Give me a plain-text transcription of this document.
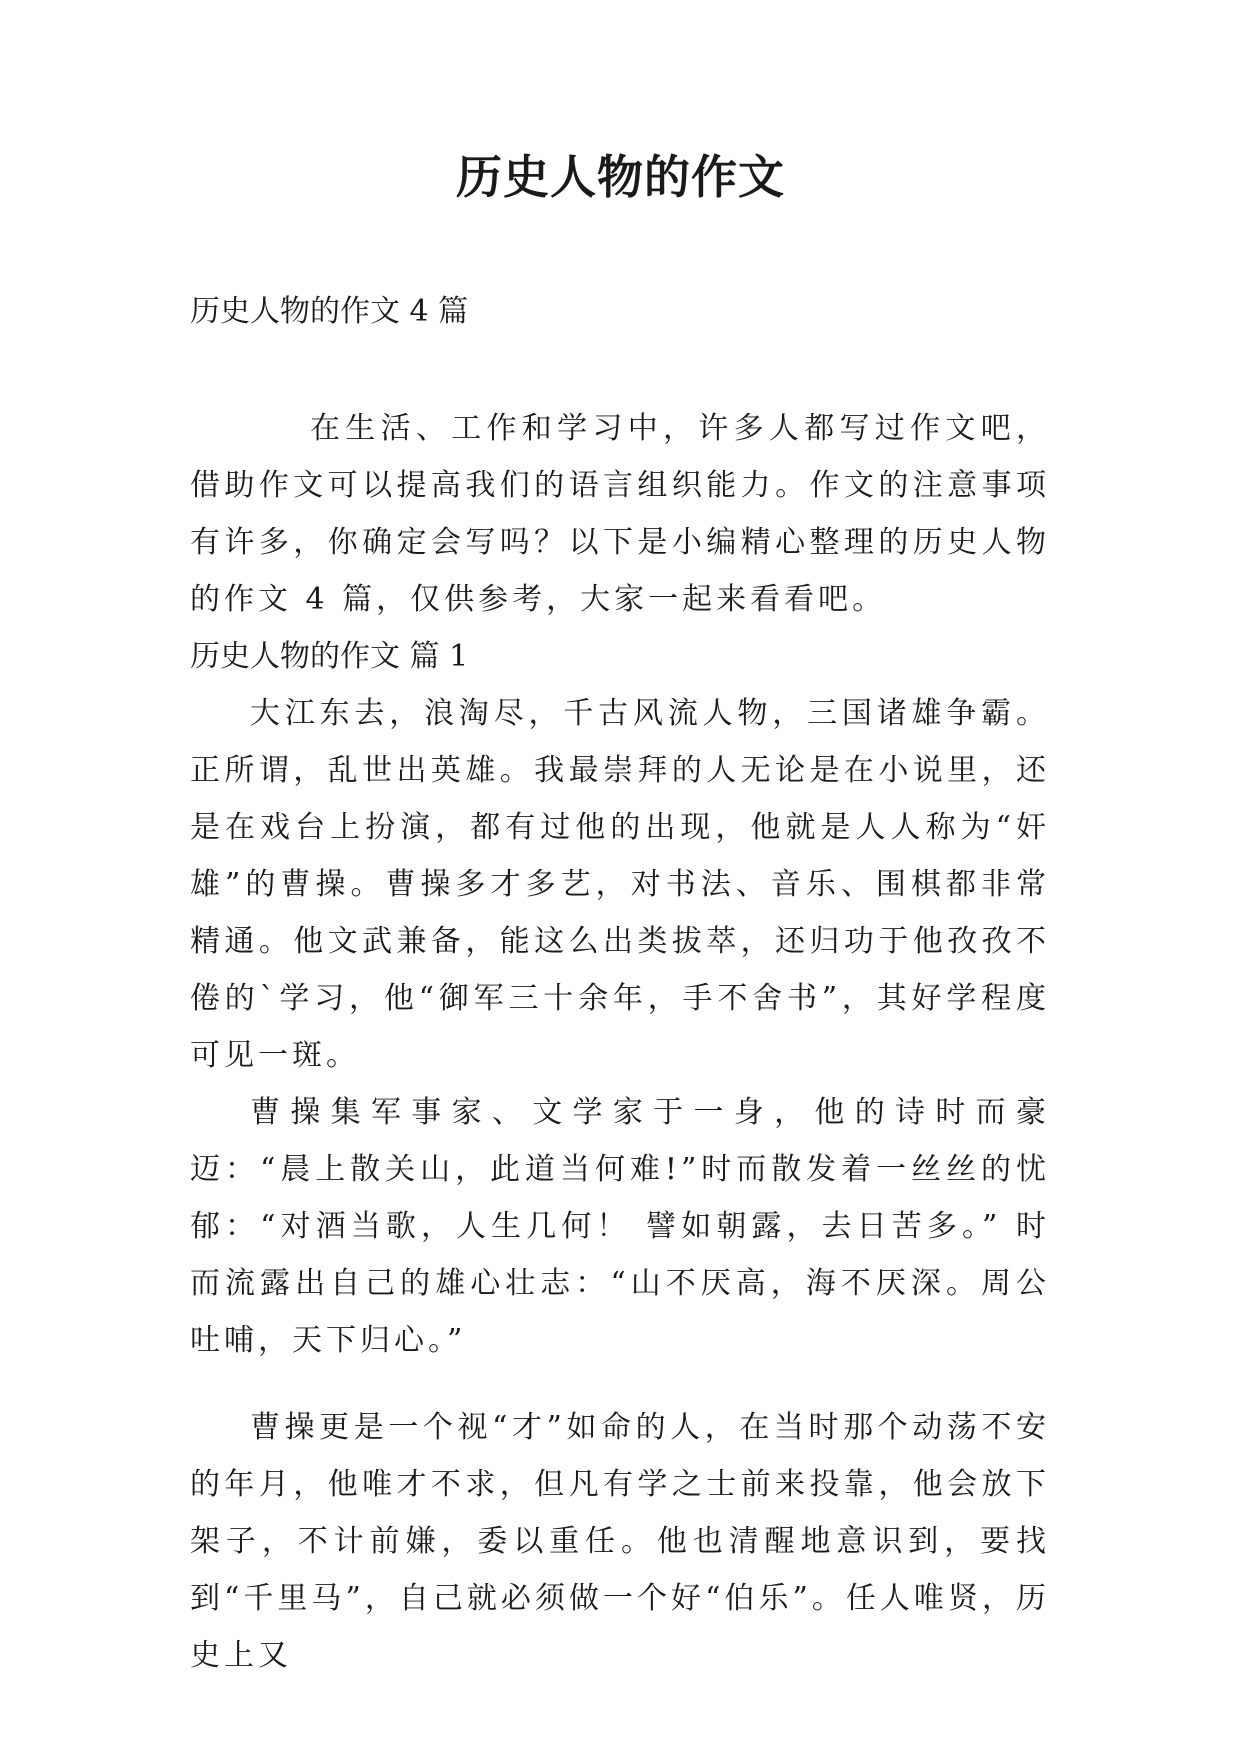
历史人物的作文

历史人物的作文 4 篇

在生活、工作和学习中，许多人都写过作文吧，借助作文可以提高我们的语言组织能力。作文的注意事项有许多，你确定会写吗？以下是小编精心整理的历史人物的作文 4 篇，仅供参考，大家一起来看看吧。

历史人物的作文 篇 1

大江东去，浪淘尽，千古风流人物，三国诸雄争霸。正所谓，乱世出英雄。我最崇拜的人无论是在小说里，还是在戏台上扮演，都有过他的出现，他就是人人称为“奸雄”的曹操。曹操多才多艺，对书法、音乐、围棋都非常精通。他文武兼备，能这么出类拔萃，还归功于他孜孜不倦的`学习，他“御军三十余年，手不舍书”，其好学程度可见一斑。

曹操集军事家、文学家于一身，他的诗时而豪迈：“晨上散关山，此道当何难!”时而散发着一丝丝的忧郁：“对酒当歌，人生几何！ 譬如朝露，去日苦多。” 时而流露出自己的雄心壮志：“山不厌高，海不厌深。周公吐哺，天下归心。”

曹操更是一个视“才”如命的人，在当时那个动荡不安的年月，他唯才不求，但凡有学之士前来投靠，他会放下架子，不计前嫌，委以重任。他也清醒地意识到，要找到“千里马”，自己就必须做一个好“伯乐”。任人唯贤，历史上又
